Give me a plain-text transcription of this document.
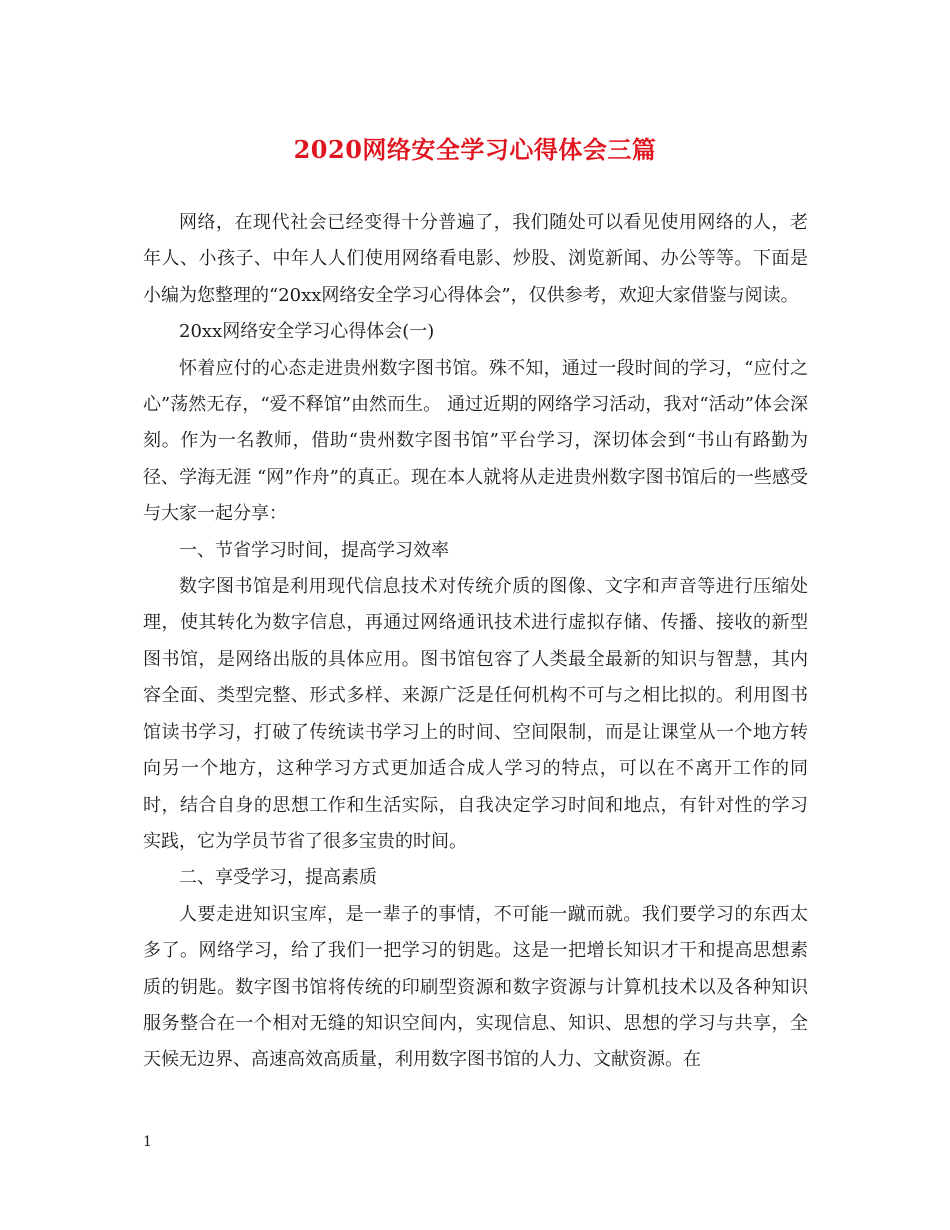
2020网络安全学习心得体会三篇

网络，在现代社会已经变得十分普遍了，我们随处可以看见使用网络的人，老年人、小孩子、中年人人们使用网络看电影、炒股、浏览新闻、办公等等。下面是小编为您整理的“20xx网络安全学习心得体会”，仅供参考，欢迎大家借鉴与阅读。

20xx网络安全学习心得体会(一)

怀着应付的心态走进贵州数字图书馆。殊不知，通过一段时间的学习，“应付之心”荡然无存，“爱不释馆”由然而生。 通过近期的网络学习活动，我对“活动”体会深刻。作为一名教师，借助“贵州数字图书馆”平台学习，深切体会到“书山有路勤为径、学海无涯 “网”作舟”的真正。现在本人就将从走进贵州数字图书馆后的一些感受与大家一起分享：

一、节省学习时间，提高学习效率

数字图书馆是利用现代信息技术对传统介质的图像、文字和声音等进行压缩处理，使其转化为数字信息，再通过网络通讯技术进行虚拟存储、传播、接收的新型图书馆，是网络出版的具体应用。图书馆包容了人类最全最新的知识与智慧，其内容全面、类型完整、形式多样、来源广泛是任何机构不可与之相比拟的。利用图书馆读书学习，打破了传统读书学习上的时间、空间限制，而是让课堂从一个地方转向另一个地方，这种学习方式更加适合成人学习的特点，可以在不离开工作的同时，结合自身的思想工作和生活实际，自我决定学习时间和地点，有针对性的学习实践，它为学员节省了很多宝贵的时间。

二、享受学习，提高素质

人要走进知识宝库，是一辈子的事情，不可能一蹴而就。我们要学习的东西太多了。网络学习，给了我们一把学习的钥匙。这是一把增长知识才干和提高思想素质的钥匙。数字图书馆将传统的印刷型资源和数字资源与计算机技术以及各种知识服务整合在一个相对无缝的知识空间内，实现信息、知识、思想的学习与共享，全天候无边界、高速高效高质量，利用数字图书馆的人力、文献资源。在

1
